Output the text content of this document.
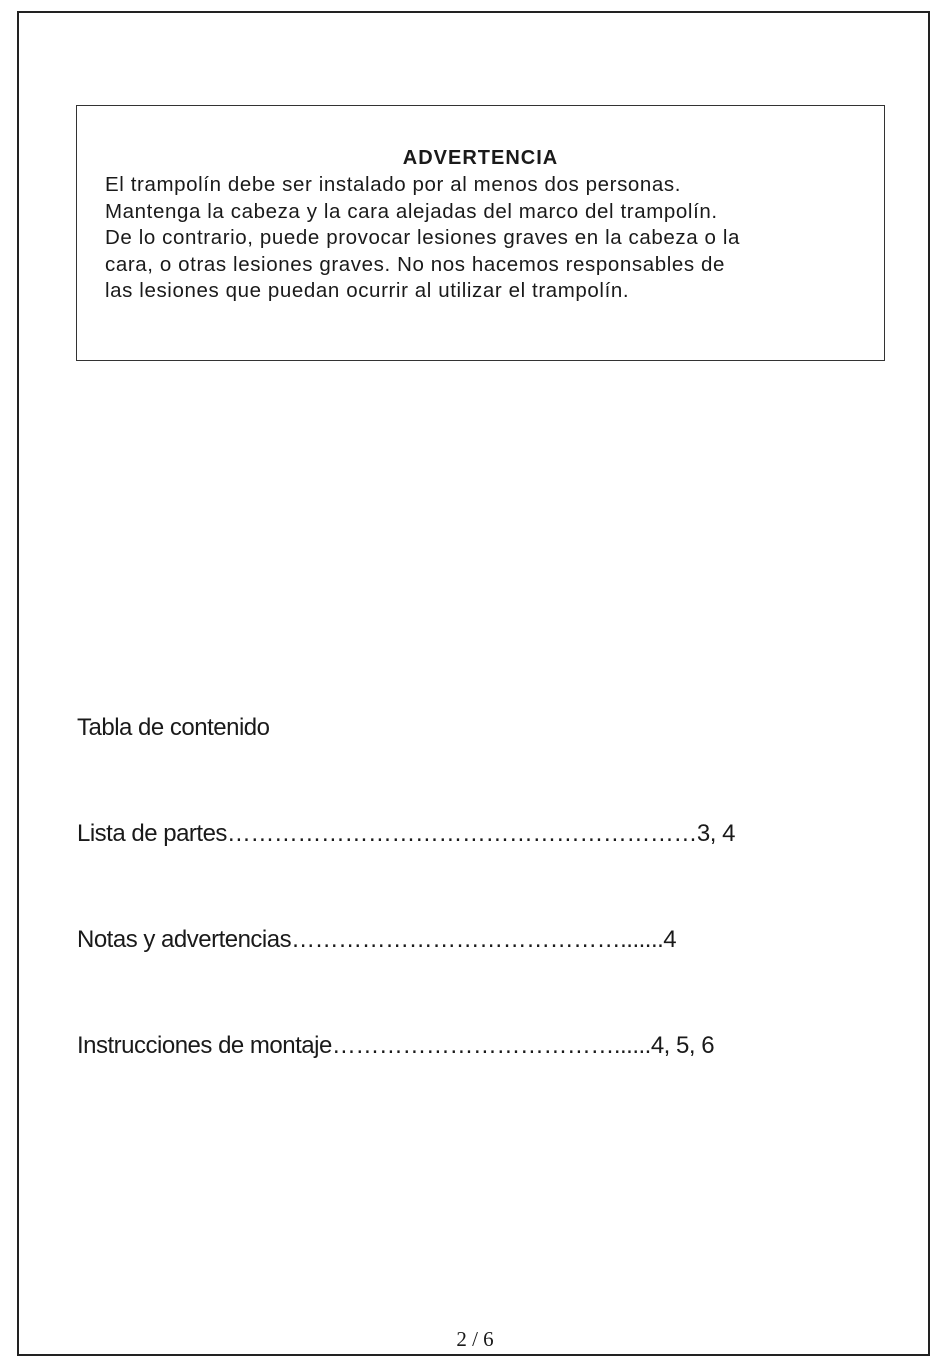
ADVERTENCIA
El trampolín debe ser instalado por al menos dos personas.
Mantenga la cabeza y la cara alejadas del marco del trampolín.
De lo contrario, puede provocar lesiones graves en la cabeza o la
cara, o otras lesiones graves. No nos hacemos responsables de
las lesiones que puedan ocurrir al utilizar el trampolín.
Tabla de contenido
Lista de partes……………………………………………………3, 4
Notas y advertencias…………………………………….......4
Instrucciones de montaje………………………………......4, 5, 6
2 / 6
